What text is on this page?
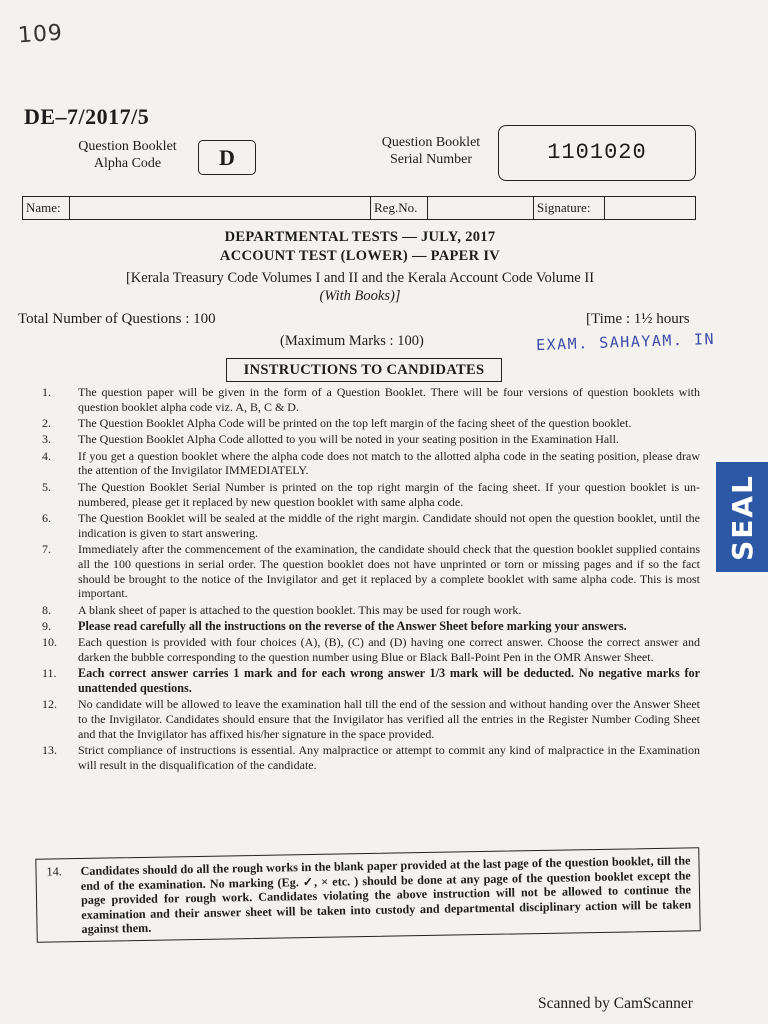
109
DE–7/2017/5
Question Booklet Alpha Code	D
Question Booklet Serial Number	1101020
Name:	Reg.No.	Signature:
DEPARTMENTAL TESTS — JULY, 2017
ACCOUNT TEST (LOWER) — PAPER IV
[Kerala Treasury Code Volumes I and II and the Kerala Account Code Volume II
(With Books)]
Total Number of Questions : 100	[Time : 1½ hours
(Maximum Marks : 100)	EXAM. SAHAYAM. IN
INSTRUCTIONS TO CANDIDATES
SEAL
1.	The question paper will be given in the form of a Question Booklet. There will be four versions of question booklets with question booklet alpha code viz. A, B, C & D.
2.	The Question Booklet Alpha Code will be printed on the top left margin of the facing sheet of the question booklet.
3.	The Question Booklet Alpha Code allotted to you will be noted in your seating position in the Examination Hall.
4.	If you get a question booklet where the alpha code does not match to the allotted alpha code in the seating position, please draw the attention of the Invigilator IMMEDIATELY.
5.	The Question Booklet Serial Number is printed on the top right margin of the facing sheet. If your question booklet is un-numbered, please get it replaced by new question booklet with same alpha code.
6.	The Question Booklet will be sealed at the middle of the right margin. Candidate should not open the question booklet, until the indication is given to start answering.
7.	Immediately after the commencement of the examination, the candidate should check that the question booklet supplied contains all the 100 questions in serial order. The question booklet does not have unprinted or torn or missing pages and if so the fact should be brought to the notice of the Invigilator and get it replaced by a complete booklet with same alpha code. This is most important.
8.	A blank sheet of paper is attached to the question booklet. This may be used for rough work.
9.	Please read carefully all the instructions on the reverse of the Answer Sheet before marking your answers.
10.	Each question is provided with four choices (A), (B), (C) and (D) having one correct answer. Choose the correct answer and darken the bubble corresponding to the question number using Blue or Black Ball-Point Pen in the OMR Answer Sheet.
11.	Each correct answer carries 1 mark and for each wrong answer 1/3 mark will be deducted. No negative marks for unattended questions.
12.	No candidate will be allowed to leave the examination hall till the end of the session and without handing over the Answer Sheet to the Invigilator. Candidates should ensure that the Invigilator has verified all the entries in the Register Number Coding Sheet and that the Invigilator has affixed his/her signature in the space provided.
13.	Strict compliance of instructions is essential. Any malpractice or attempt to commit any kind of malpractice in the Examination will result in the disqualification of the candidate.
14.	Candidates should do all the rough works in the blank paper provided at the last page of the question booklet, till the end of the examination. No marking (Eg. ✓, × etc. ) should be done at any page of the question booklet except the page provided for rough work. Candidates violating the above instruction will not be allowed to continue the examination and their answer sheet will be taken into custody and departmental disciplinary action will be taken against them.
Scanned by CamScanner
